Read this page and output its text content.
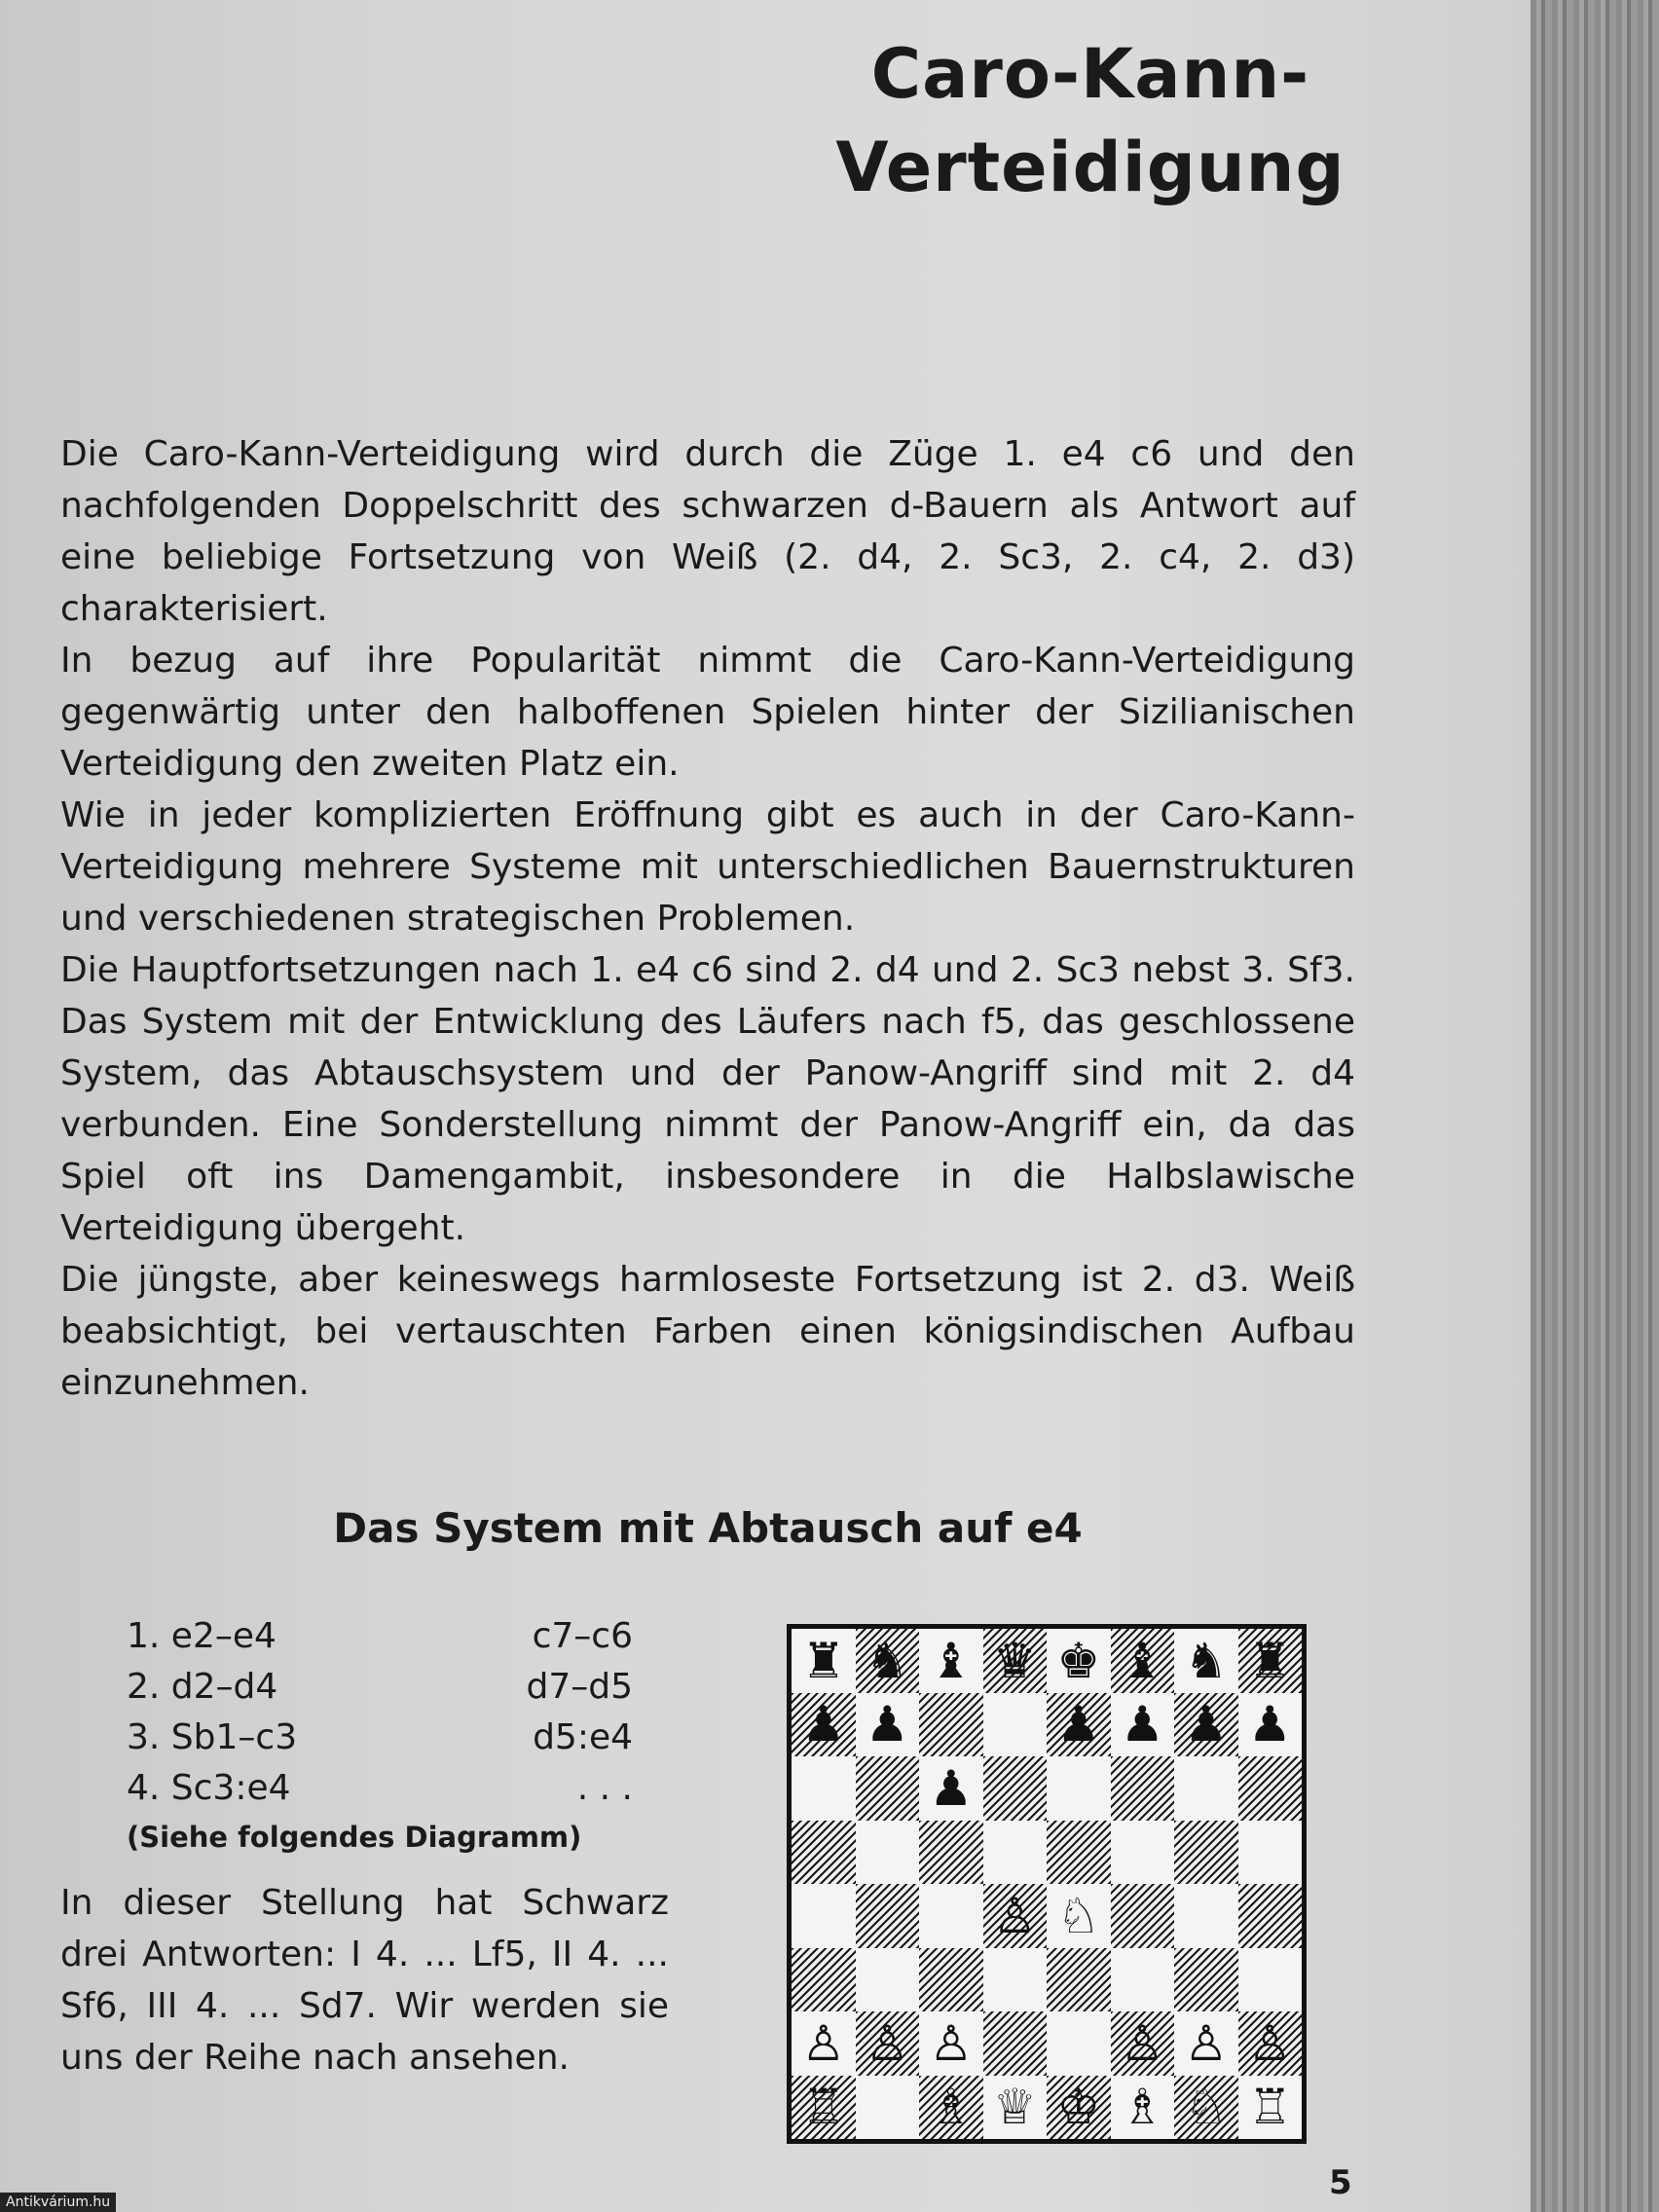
Caro-Kann-
Verteidigung

Die Caro-Kann-Verteidigung wird durch die Züge 1. e4 c6 und den nachfolgenden Doppelschritt des schwarzen d-Bauern als Antwort auf eine beliebige Fortsetzung von Weiß (2. d4, 2. Sc3, 2. c4, 2. d3) charakterisiert.

In bezug auf ihre Popularität nimmt die Caro-Kann-Verteidigung gegenwärtig unter den halboffenen Spielen hinter der Sizilianischen Verteidigung den zweiten Platz ein.

Wie in jeder komplizierten Eröffnung gibt es auch in der Caro-Kann-Verteidigung mehrere Systeme mit unterschiedlichen Bauernstrukturen und verschiedenen strategischen Problemen.

Die Hauptfortsetzungen nach 1. e4 c6 sind 2. d4 und 2. Sc3 nebst 3. Sf3. Das System mit der Entwicklung des Läufers nach f5, das geschlossene System, das Abtauschsystem und der Panow-Angriff sind mit 2. d4 verbunden. Eine Sonderstellung nimmt der Panow-Angriff ein, da das Spiel oft ins Damengambit, insbesondere in die Halbslawische Verteidigung übergeht.

Die jüngste, aber keineswegs harmloseste Fortsetzung ist 2. d3. Weiß beabsichtigt, bei vertauschten Farben einen königsindischen Aufbau einzunehmen.

Das System mit Abtausch auf e4
1. e2–e4	c7–c6
2. d2–d4	d7–d5
3. Sb1–c3	d5:e4
4. Sc3:e4	. . .
(Siehe folgendes Diagramm)
In dieser Stellung hat Schwarz drei Antworten: I 4. ... Lf5, II 4. ... Sf6, III 4. ... Sd7. Wir werden sie uns der Reihe nach ansehen.
♜ ♞ ♝ ♛ ♚ ♝ ♞ ♜
♟ ♟	♟ ♟ ♟ ♟
♟
♙ ♘
♙ ♙ ♙	♙ ♙ ♙
♖ ♗ ♕ ♔ ♗ ♘ ♖
5
Antikvárium.hu
